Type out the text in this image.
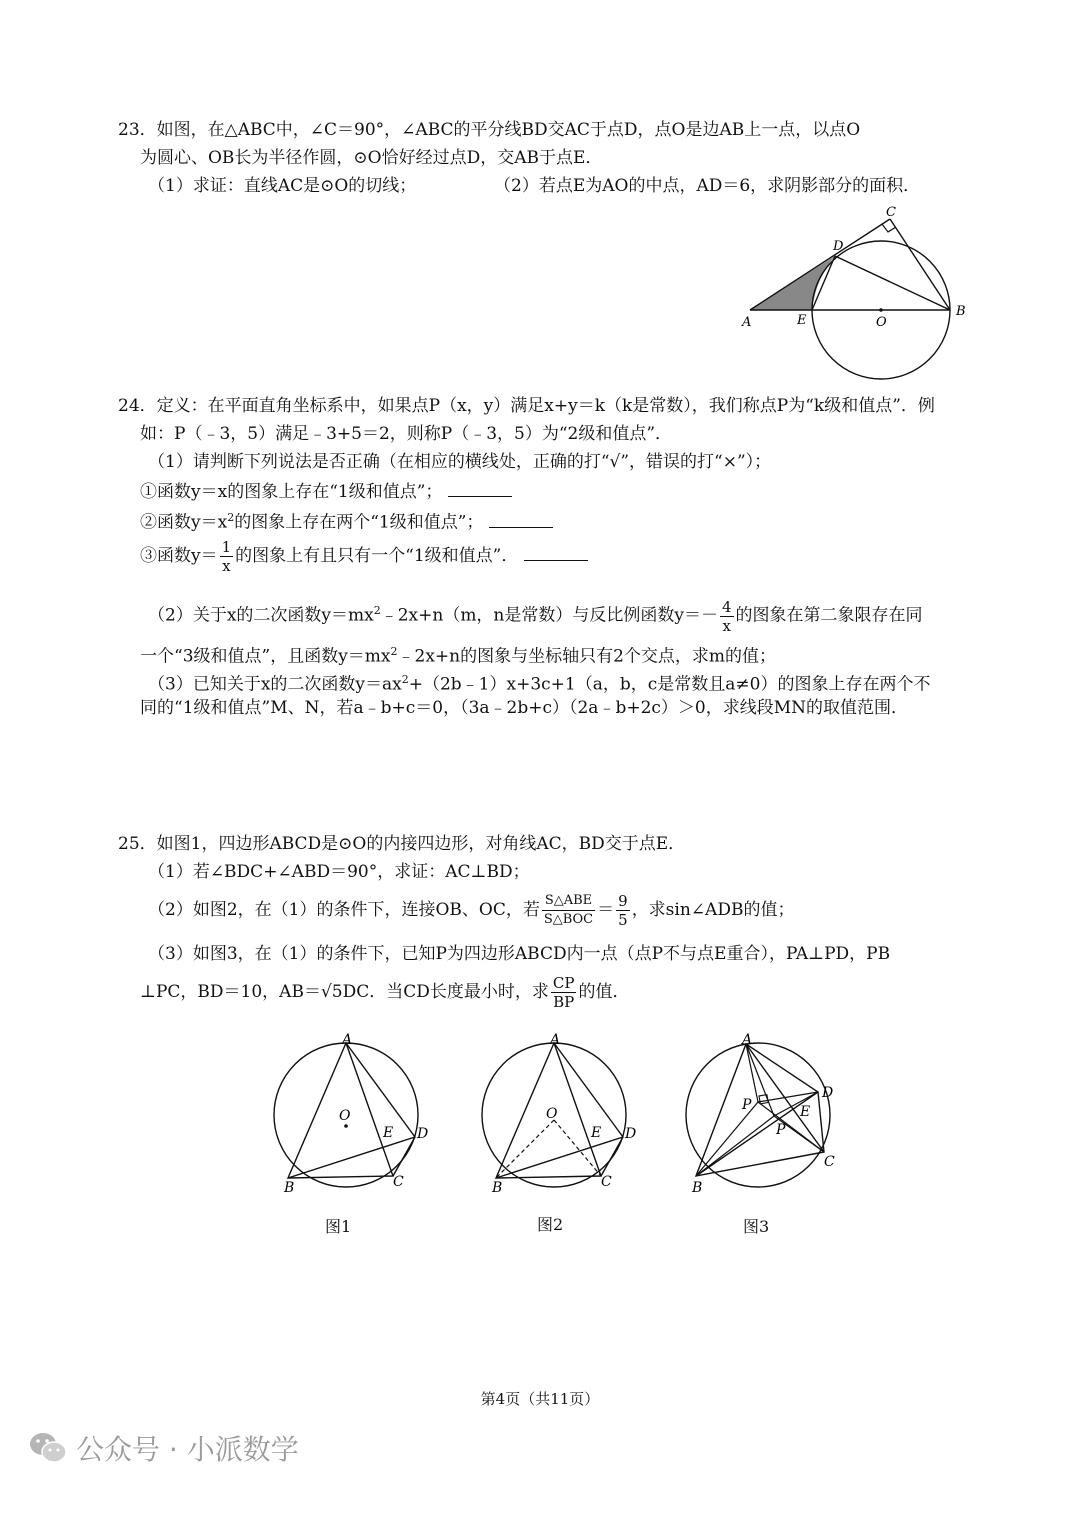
23．如图，在△ABC中，∠C＝90°，∠ABC的平分线BD交AC于点D，点O是边AB上一点，以点O
为圆心、OB长为半径作圆，⊙O恰好经过点D，交AB于点E．
（1）求证：直线AC是⊙O的切线；	（2）若点E为AO的中点，AD＝6，求阴影部分的面积．
A
B
C
D
E	O
24．定义：在平面直角坐标系中，如果点P（x，y）满足x+y＝k（k是常数），我们称点P为“k级和值点”．例
如：P（﹣3，5）满足﹣3+5＝2，则称P（﹣3，5）为“2级和值点”．
（1）请判断下列说法是否正确（在相应的横线处，正确的打“√”，错误的打“×”）；
①函数y＝x的图象上存在“1级和值点”；
②函数$y=x^2$的图象上存在两个“1级和值点”；
③函数$y= \frac{1}{x}$ 的图象上有且只有一个“1级和值点”．
（2）关于x的二次函数$y=mx^2﹣2x+n(m$，n是常数）与反比例函数$y=- \frac{4}{x}$ 的图象在第二象限存在同
一个“3级和值点”，且函数$y=mx^2﹣2x+n$的图象与坐标轴只有2个交点，求m的值；
（3）已知关于x的二次函数$y=ax^2+(2b﹣1)x+3c+1(a$，b，c是常数且a≠0）的图象上存在两个不
同的“1级和值点”M、N，若a﹣b+c＝0，（3a﹣2b+c）（2a﹣b+2c）＞0，求线段MN的取值范围．
25．如图1，四边形ABCD是⊙O的内接四边形，对角线AC，BD交于点E．
（1）若∠BDC+∠ABD＝90°，求证：AC⊥BD；
（2）如图2，在（1）的条件下，连接OB、OC，若 $\frac{\text{S△ABE}}{\text{S△BOC}} = \frac{9}{5}$ ，求sin∠ADB的值；
（3）如图3，在（1）的条件下，已知P为四边形ABCD内一点（点P不与点E重合），PA⊥PD，PB
⊥PC，BD＝10，AB＝√5DC．当CD长度最小时，求 $\frac{CP}{BP}$ 的值．
A
B	C
D
E
O
A
B	C
D
E
O
A
B
C
D
E
P
P
图1	图2	图3
第4页（共11页）
公众号 · 小派数学
